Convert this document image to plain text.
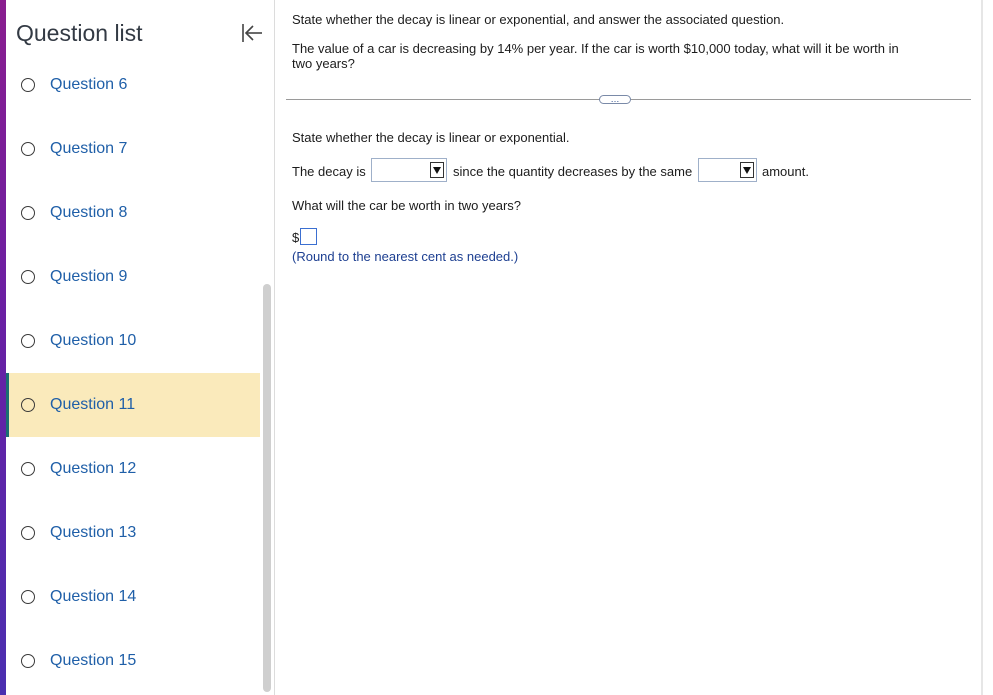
Question list
Question 6
Question 7
Question 8
Question 9
Question 10
Question 11
Question 12
Question 13
Question 14
Question 15
State whether the decay is linear or exponential, and answer the associated question.
The value of a car is decreasing by 14% per year. If the car is worth $10,000 today, what will it be worth in
two years?
…
State whether the decay is linear or exponential.
The decay is	since the quantity decreases by the same	amount.
What will the car be worth in two years?
$
(Round to the nearest cent as needed.)
